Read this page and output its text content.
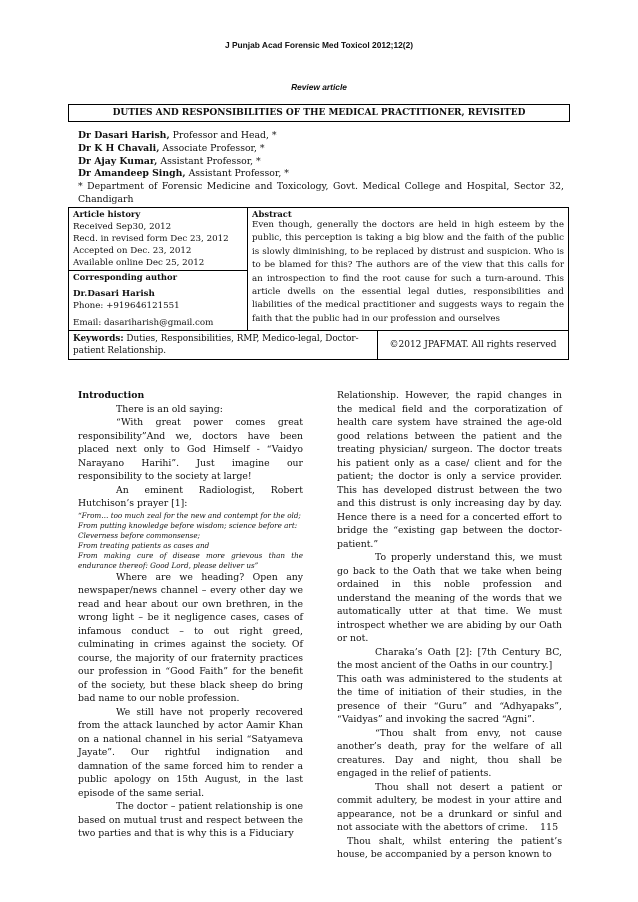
J Punjab Acad Forensic Med Toxicol 2012;12(2)
Review article
DUTIES AND RESPONSIBILITIES OF THE MEDICAL PRACTITIONER, REVISITED
Dr Dasari Harish, Professor and Head, *
Dr K H Chavali, Associate Professor, *
Dr Ajay Kumar, Assistant Professor, *
Dr Amandeep Singh, Assistant Professor, *
* Department of Forensic Medicine and Toxicology, Govt. Medical College and Hospital, Sector 32, Chandigarh
Article history
Received Sep30, 2012
Recd. in revised form Dec 23, 2012
Accepted on Dec. 23, 2012
Available online Dec 25, 2012

Abstract
Even though, generally the doctors are held in high esteem by the public, this perception is taking a big blow and the faith of the public is slowly diminishing, to be replaced by distrust and suspicion. Who is to be blamed for this? The authors are of the view that this calls for an introspection to find the root cause for such a turn-around. This article dwells on the essential legal duties, responsibilities and liabilities of the medical practitioner and suggests ways to regain the faith that the public had in our profession and ourselves

Corresponding author
Dr.Dasari Harish
Phone: +919646121551
Email: dasariharish@gmail.com

Keywords: Duties, Responsibilities, RMP, Medico-legal, Doctor-patient Relationship.	©2012 JPAFMAT. All rights reserved

Introduction

There is an old saying:

“With great power comes great responsibility”And we, doctors have been placed next only to God Himself - “Vaidyo Narayano Harihi”. Just imagine our responsibility to the society at large!

An eminent Radiologist, Robert Hutchison’s prayer [1]:

“From… too much zeal for the new and contempt for the old;

From putting knowledge before wisdom; science before art:

Cleverness before commonsense;

From treating patients as cases and

From making cure of disease more grievous than the endurance thereof: Good Lord, please deliver us”

Where are we heading? Open any newspaper/news channel – every other day we read and hear about our own brethren, in the wrong light – be it negligence cases, cases of infamous conduct – to out right greed, culminating in crimes against the society. Of course, the majority of our fraternity practices our profession in “Good Faith” for the benefit of the society, but these black sheep do bring bad name to our noble profession.

We still have not properly recovered from the attack launched by actor Aamir Khan on a national channel in his serial “Satyameva Jayate”. Our rightful indignation and damnation of the same forced him to render a public apology on 15th August, in the last episode of the same serial.

The doctor – patient relationship is one based on mutual trust and respect between the two parties and that is why this is a Fiduciary

Relationship. However, the rapid changes in the medical field and the corporatization of health care system have strained the age-old good relations between the patient and the treating physician/ surgeon. The doctor treats his patient only as a case/ client and for the patient; the doctor is only a service provider. This has developed distrust between the two and this distrust is only increasing day by day. Hence there is a need for a concerted effort to bridge the “existing gap between the doctor-patient.”

To properly understand this, we must go back to the Oath that we take when being ordained in this noble profession and understand the meaning of the words that we automatically utter at that time. We must introspect whether we are abiding by our Oath or not.

Charaka’s Oath [2]: [7th Century BC, the most ancient of the Oaths in our country.]

This oath was administered to the students at the time of initiation of their studies, in the presence of their “Guru” and “Adhyapaks”, “Vaidyas” and invoking the sacred “Agni”.

“Thou shalt from envy, not cause another’s death, pray for the welfare of all creatures. Day and night, thou shall be engaged in the relief of patients.

Thou shall not desert a patient or commit adultery, be modest in your attire and appearance, not be a drunkard or sinful and not associate with the abettors of crime.

Thou shalt, whilst entering the patient’s house, be accompanied by a person known to

115
